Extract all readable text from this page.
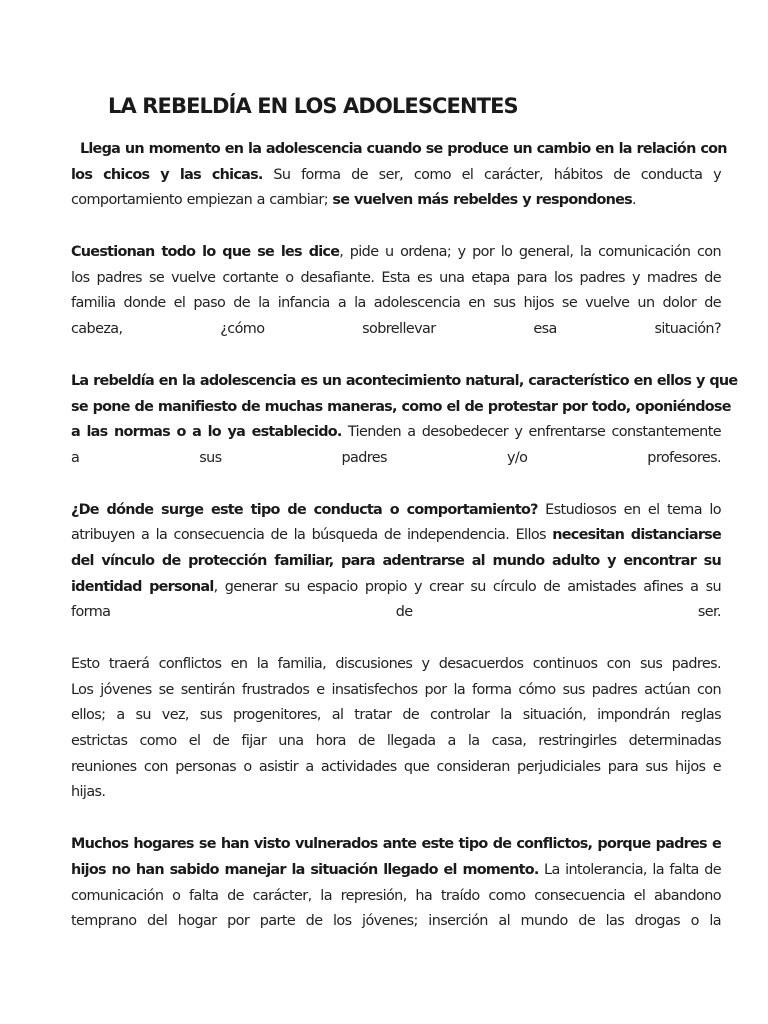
LA REBELDÍA EN LOS ADOLESCENTES

Llega un momento en la adolescencia cuando se produce un cambio en la relación con
los chicos y las chicas. Su forma de ser, como el carácter, hábitos de conducta y
comportamiento empiezan a cambiar; se vuelven más rebeldes y respondones.

Cuestionan todo lo que se les dice, pide u ordena; y por lo general, la comunicación con
los padres se vuelve cortante o desafiante. Esta es una etapa para los padres y madres de
familia donde el paso de la infancia a la adolescencia en sus hijos se vuelve un dolor de
cabeza, ¿cómo sobrellevar esa situación?

La rebeldía en la adolescencia es un acontecimiento natural, característico en ellos y que
se pone de manifiesto de muchas maneras, como el de protestar por todo, oponiéndose
a las normas o a lo ya establecido. Tienden a desobedecer y enfrentarse constantemente
a sus padres y/o profesores.

¿De dónde surge este tipo de conducta o comportamiento? Estudiosos en el tema lo
atribuyen a la consecuencia de la búsqueda de independencia. Ellos necesitan distanciarse
del vínculo de protección familiar, para adentrarse al mundo adulto y encontrar su
identidad personal, generar su espacio propio y crear su círculo de amistades afines a su
forma de ser.

Esto traerá conflictos en la familia, discusiones y desacuerdos continuos con sus padres.
Los jóvenes se sentirán frustrados e insatisfechos por la forma cómo sus padres actúan con
ellos; a su vez, sus progenitores, al tratar de controlar la situación, impondrán reglas
estrictas como el de fijar una hora de llegada a la casa, restringirles determinadas
reuniones con personas o asistir a actividades que consideran perjudiciales para sus hijos e
hijas.

Muchos hogares se han visto vulnerados ante este tipo de conflictos, porque padres e
hijos no han sabido manejar la situación llegado el momento. La intolerancia, la falta de
comunicación o falta de carácter, la represión, ha traído como consecuencia el abandono
temprano del hogar por parte de los jóvenes; inserción al mundo de las drogas o la
